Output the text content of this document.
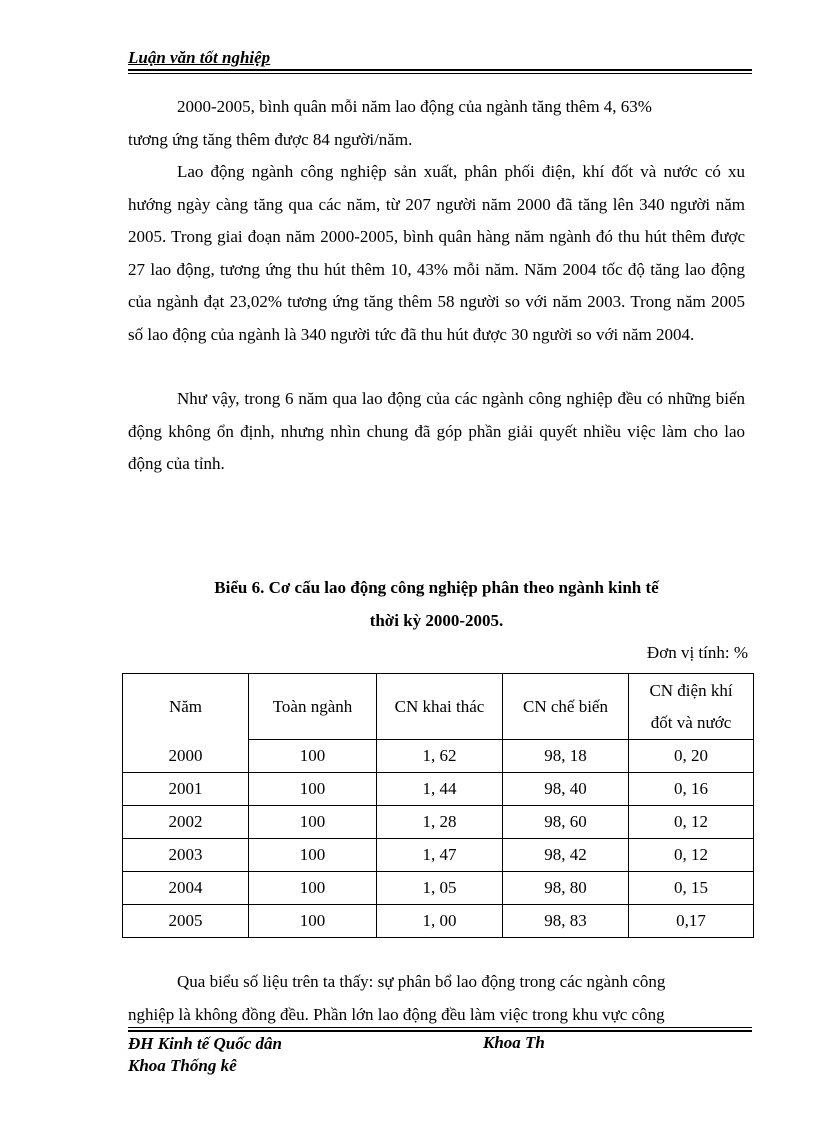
Luận văn tốt nghiệp

2000-2005, bình quân mỗi năm lao động của ngành tăng thêm 4, 63%
tương ứng tăng thêm được 84 người/năm.

Lao động ngành công nghiệp sản xuất, phân phối điện, khí đốt và nước có xu hướng ngày càng tăng qua các năm, từ 207 người năm 2000 đã tăng lên 340 người năm 2005. Trong giai đoạn năm 2000-2005, bình quân hàng năm ngành đó thu hút thêm được 27 lao động, tương ứng thu hút thêm 10, 43% mỗi năm. Năm 2004 tốc độ tăng lao động của ngành đạt 23,02% tương ứng tăng thêm 58 người so với năm 2003. Trong năm 2005 số lao động của ngành là 340 người tức đã thu hút được 30 người so với năm 2004.

Như vậy, trong 6 năm qua lao động của các ngành công nghiệp đều có những biến động không ổn định, nhưng nhìn chung đã góp phần giải quyết nhiều việc làm cho lao động của tỉnh.

Biểu 6. Cơ cấu lao động công nghiệp phân theo ngành kinh tế

thời kỳ 2000-2005.

Đơn vị tính: %
Năm	Toàn ngành	CN khai thác	CN chế biến	CN điện khí
đốt và nước

2000	100	1, 62	98, 18	0, 20
2001	100	1, 44	98, 40	0, 16
2002	100	1, 28	98, 60	0, 12
2003	100	1, 47	98, 42	0, 12
2004	100	1, 05	98, 80	0, 15
2005	100	1, 00	98, 83	0,17

Qua biểu số liệu trên ta thấy: sự phân bổ lao động trong các ngành công
nghiệp là không đồng đều. Phần lớn lao động đều làm việc trong khu vực công

ĐH Kinh tế Quốc dân
Khoa Thống kê
Khoa Th
